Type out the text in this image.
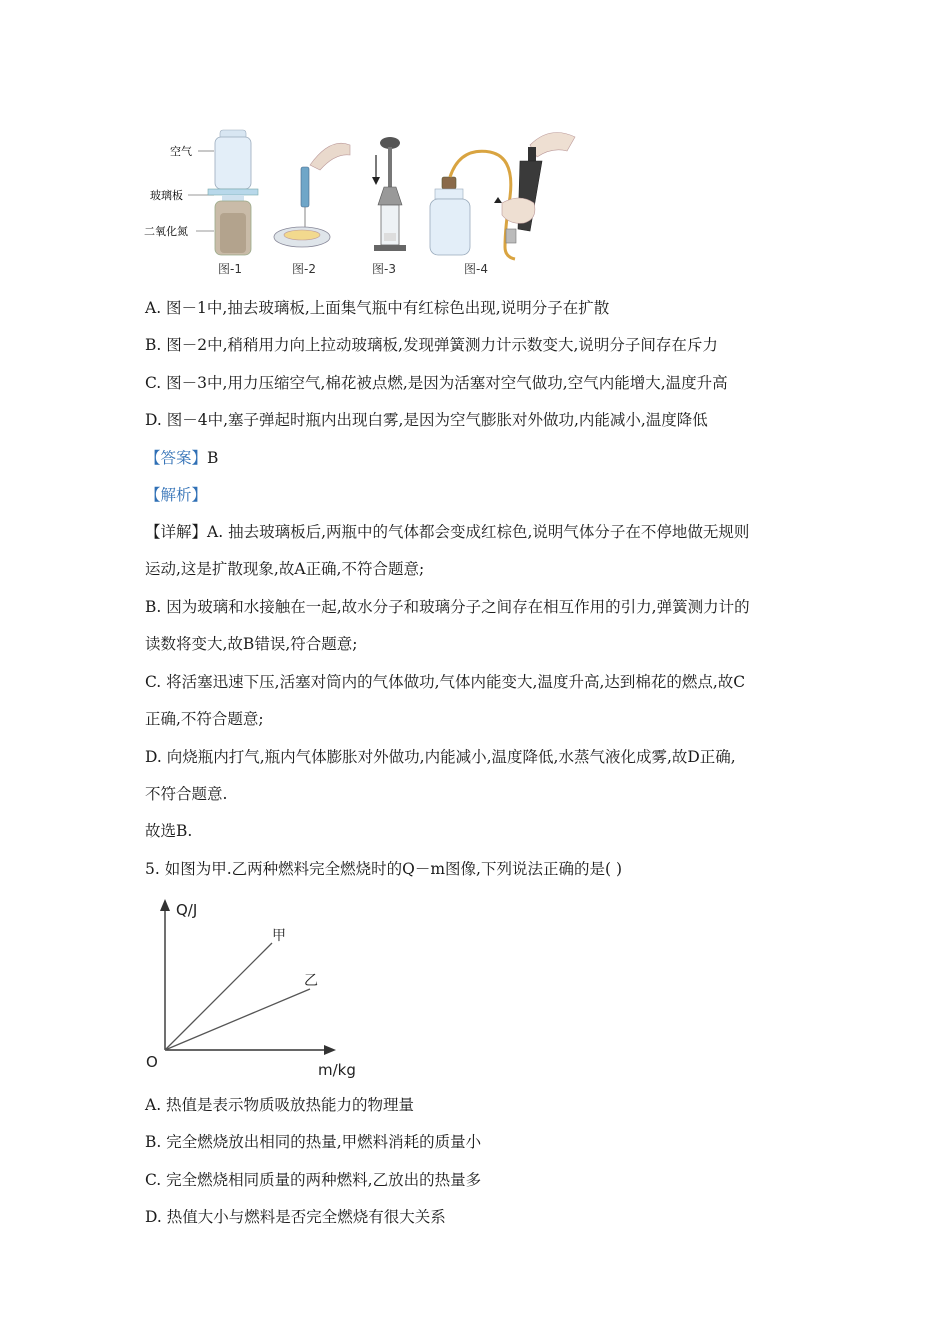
空气
玻璃板
二氧化氮
图-1	图-2	图-3	图-4
A. 图－1中,抽去玻璃板,上面集气瓶中有红棕色出现,说明分子在扩散
B. 图－2中,稍稍用力向上拉动玻璃板,发现弹簧测力计示数变大,说明分子间存在斥力
C. 图－3中,用力压缩空气,棉花被点燃,是因为活塞对空气做功,空气内能增大,温度升高
D. 图－4中,塞子弹起时瓶内出现白雾,是因为空气膨胀对外做功,内能减小,温度降低
【答案】B
【解析】
【详解】A. 抽去玻璃板后,两瓶中的气体都会变成红棕色,说明气体分子在不停地做无规则
运动,这是扩散现象,故A正确,不符合题意;
B. 因为玻璃和水接触在一起,故水分子和玻璃分子之间存在相互作用的引力,弹簧测力计的
读数将变大,故B错误,符合题意;
C. 将活塞迅速下压,活塞对筒内的气体做功,气体内能变大,温度升高,达到棉花的燃点,故C
正确,不符合题意;
D. 向烧瓶内打气,瓶内气体膨胀对外做功,内能减小,温度降低,水蒸气液化成雾,故D正确,
不符合题意.
故选B.
5. 如图为甲.乙两种燃料完全燃烧时的Q－m图像,下列说法正确的是( )
Q/J
m/kg
O
甲
乙
A. 热值是表示物质吸放热能力的物理量
B. 完全燃烧放出相同的热量,甲燃料消耗的质量小
C. 完全燃烧相同质量的两种燃料,乙放出的热量多
D. 热值大小与燃料是否完全燃烧有很大关系
